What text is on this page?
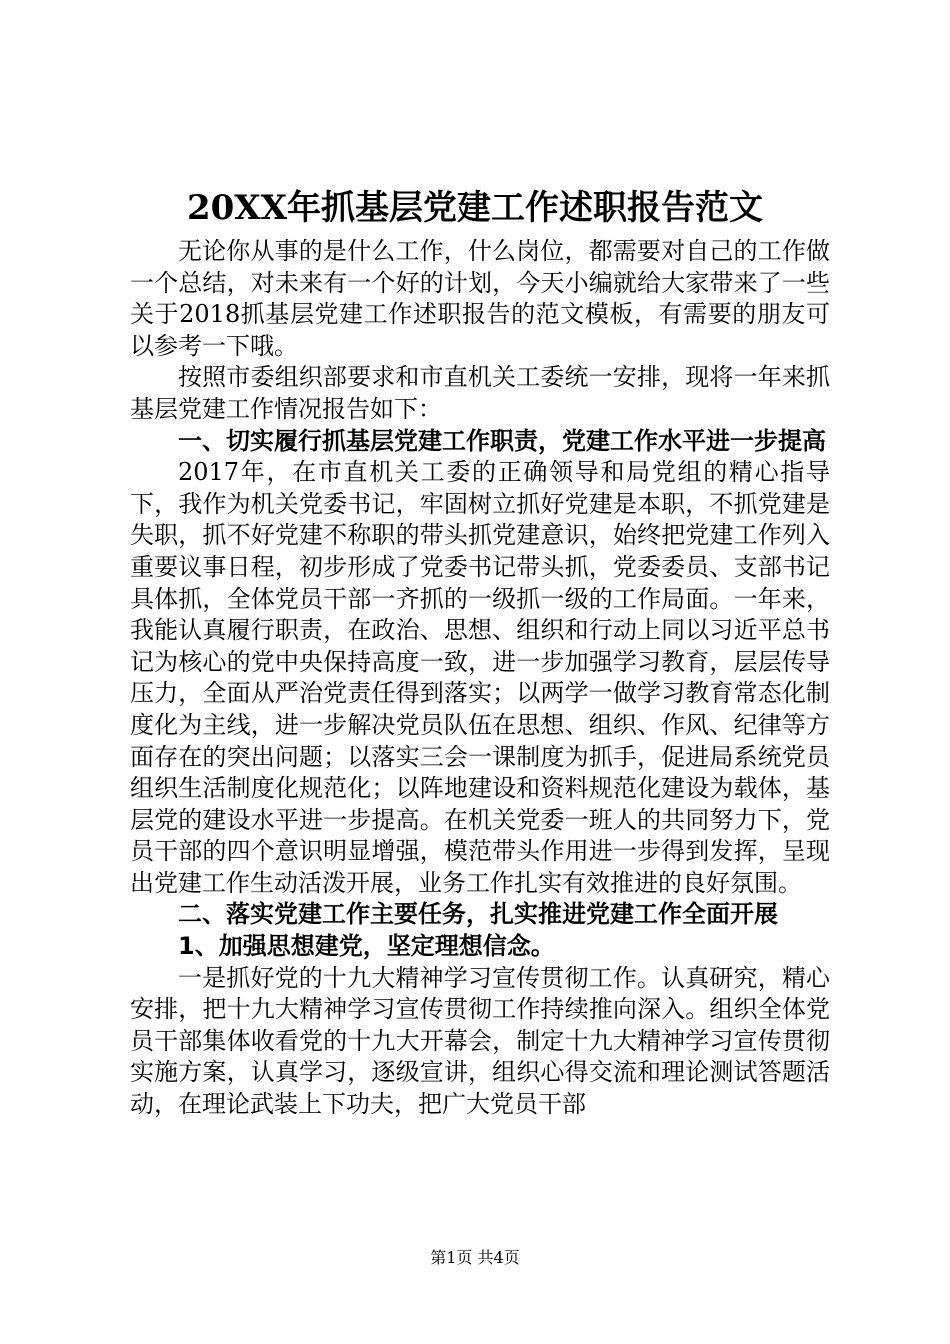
20XX年抓基层党建工作述职报告范文

无论你从事的是什么工作，什么岗位，都需要对自己的工作做一个总结，对未来有一个好的计划，今天小编就给大家带来了一些关于2018抓基层党建工作述职报告的范文模板，有需要的朋友可以参考一下哦。

按照市委组织部要求和市直机关工委统一安排，现将一年来抓基层党建工作情况报告如下：

一、切实履行抓基层党建工作职责，党建工作水平进一步提高

2017年，在市直机关工委的正确领导和局党组的精心指导下，我作为机关党委书记，牢固树立抓好党建是本职，不抓党建是失职，抓不好党建不称职的带头抓党建意识，始终把党建工作列入重要议事日程，初步形成了党委书记带头抓，党委委员、支部书记具体抓，全体党员干部一齐抓的一级抓一级的工作局面。一年来，我能认真履行职责，在政治、思想、组织和行动上同以习近平总书记为核心的党中央保持高度一致，进一步加强学习教育，层层传导压力，全面从严治党责任得到落实；以两学一做学习教育常态化制度化为主线，进一步解决党员队伍在思想、组织、作风、纪律等方面存在的突出问题；以落实三会一课制度为抓手，促进局系统党员组织生活制度化规范化；以阵地建设和资料规范化建设为载体，基层党的建设水平进一步提高。在机关党委一班人的共同努力下，党员干部的四个意识明显增强，模范带头作用进一步得到发挥，呈现出党建工作生动活泼开展，业务工作扎实有效推进的良好氛围。

二、落实党建工作主要任务，扎实推进党建工作全面开展

1、加强思想建党，坚定理想信念。

一是抓好党的十九大精神学习宣传贯彻工作。认真研究，精心安排，把十九大精神学习宣传贯彻工作持续推向深入。组织全体党员干部集体收看党的十九大开幕会，制定十九大精神学习宣传贯彻实施方案，认真学习，逐级宣讲，组织心得交流和理论测试答题活动，在理论武装上下功夫，把广大党员干部

第1页 共4页
